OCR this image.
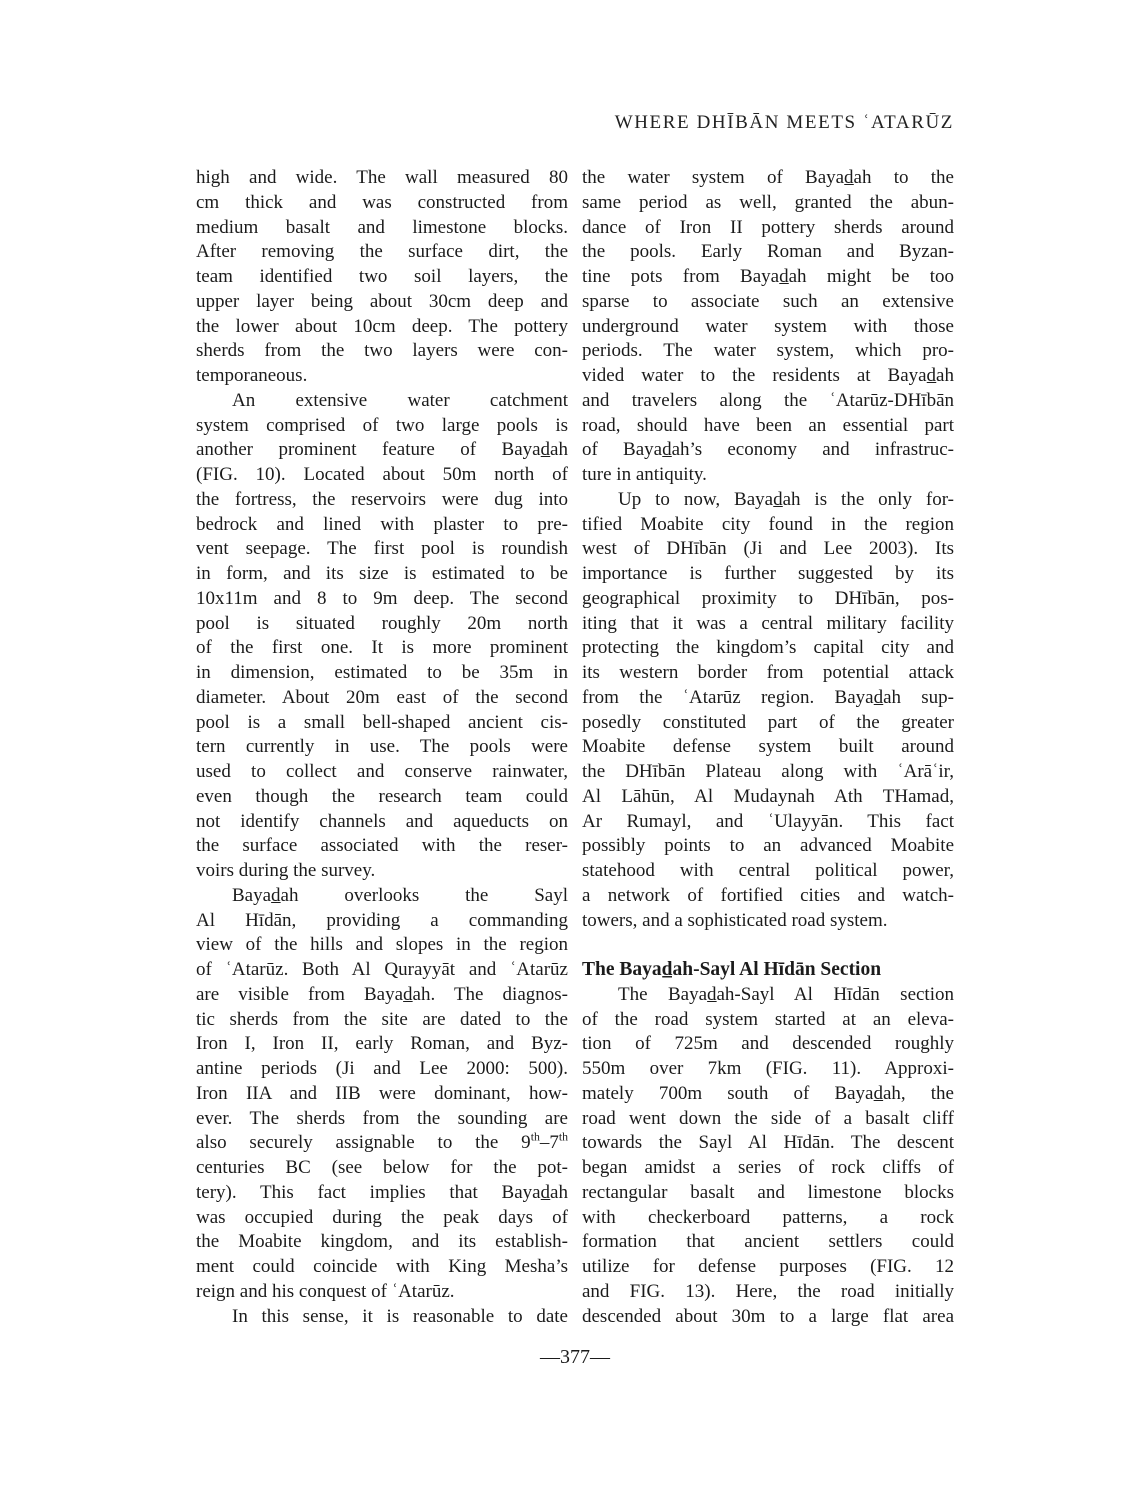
WHERE DHĪBĀN MEETS ʿATARŪZ
high and wide. The wall measured 80
cm thick and was constructed from
medium basalt and limestone blocks.
After removing the surface dirt, the
team identified two soil layers, the
upper layer being about 30cm deep and
the lower about 10cm deep. The pottery
sherds from the two layers were con-
temporaneous.
An extensive water catchment
system comprised of two large pools is
another prominent feature of Bayad̲ah
(FIG. 10). Located about 50m north of
the fortress, the reservoirs were dug into
bedrock and lined with plaster to pre-
vent seepage. The first pool is roundish
in form, and its size is estimated to be
10x11m and 8 to 9m deep. The second
pool is situated roughly 20m north
of the first one. It is more prominent
in dimension, estimated to be 35m in
diameter. About 20m east of the second
pool is a small bell-shaped ancient cis-
tern currently in use. The pools were
used to collect and conserve rainwater,
even though the research team could
not identify channels and aqueducts on
the surface associated with the reser-
voirs during the survey.
Bayad̲ah overlooks the Sayl
Al Hīdān, providing a commanding
view of the hills and slopes in the region
of ʿAtarūz. Both Al Qurayyāt and ʿAtarūz
are visible from Bayad̲ah. The diagnos-
tic sherds from the site are dated to the
Iron I, Iron II, early Roman, and Byz-
antine periods (Ji and Lee 2000: 500).
Iron IIA and IIB were dominant, how-
ever. The sherds from the sounding are
also securely assignable to the 9th–7th
centuries BC (see below for the pot-
tery). This fact implies that Bayad̲ah
was occupied during the peak days of
the Moabite kingdom, and its establish-
ment could coincide with King Mesha’s
reign and his conquest of ʿAtarūz.
In this sense, it is reasonable to date
the water system of Bayad̲ah to the
same period as well, granted the abun-
dance of Iron II pottery sherds around
the pools. Early Roman and Byzan-
tine pots from Bayad̲ah might be too
sparse to associate such an extensive
underground water system with those
periods. The water system, which pro-
vided water to the residents at Bayad̲ah
and travelers along the ʿAtarūz-DHībān
road, should have been an essential part
of Bayad̲ah’s economy and infrastruc-
ture in antiquity.
Up to now, Bayad̲ah is the only for-
tified Moabite city found in the region
west of DHībān (Ji and Lee 2003). Its
importance is further suggested by its
geographical proximity to DHībān, pos-
iting that it was a central military facility
protecting the kingdom’s capital city and
its western border from potential attack
from the ʿAtarūz region. Bayad̲ah sup-
posedly constituted part of the greater
Moabite defense system built around
the DHībān Plateau along with ʿArāʿir,
Al Lāhūn, Al Mudaynah Ath THamad,
Ar Rumayl, and ʿUlayyān. This fact
possibly points to an advanced Moabite
statehood with central political power,
a network of fortified cities and watch-
towers, and a sophisticated road system.
The Bayad̲ah-Sayl Al Hīdān Section
The Bayad̲ah-Sayl Al Hīdān section
of the road system started at an eleva-
tion of 725m and descended roughly
550m over 7km (FIG. 11). Approxi-
mately 700m south of Bayad̲ah, the
road went down the side of a basalt cliff
towards the Sayl Al Hīdān. The descent
began amidst a series of rock cliffs of
rectangular basalt and limestone blocks
with checkerboard patterns, a rock
formation that ancient settlers could
utilize for defense purposes (FIG. 12
and FIG. 13). Here, the road initially
descended about 30m to a large flat area
—377—
